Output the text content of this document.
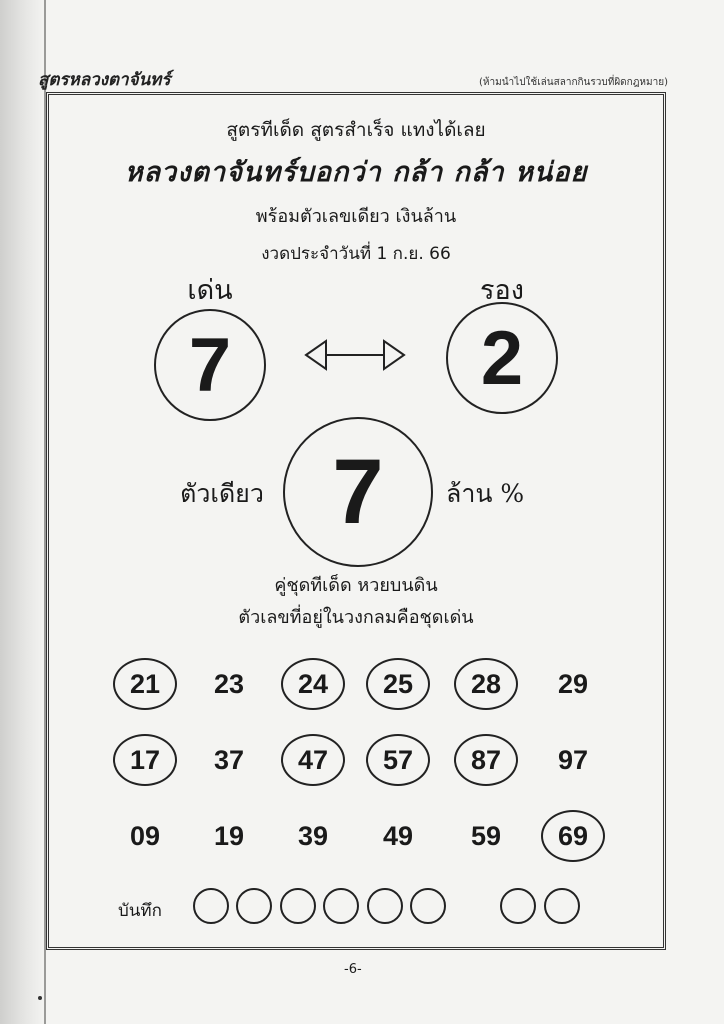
สูตรหลวงตาจันทร์	(ห้ามนำไปใช้เล่นสลากกินรวบที่ผิดกฎหมาย)
สูตรทีเด็ด สูตรสำเร็จ แทงได้เลย
หลวงตาจันทร์บอกว่า กล้า กล้า หน่อย
พร้อมตัวเลขเดียว เงินล้าน
งวดประจำวันที่ 1 ก.ย. 66
เด่น	รอง
7	2
ตัวเดียว 7 ล้าน %
คู่ชุดทีเด็ด หวยบนดิน
ตัวเลขที่อยู่ในวงกลมคือชุดเด่น
21	23	24	25	28	29
17	37	47	57	87	97
09	19	39	49	59	69
บันทึก
-6-
